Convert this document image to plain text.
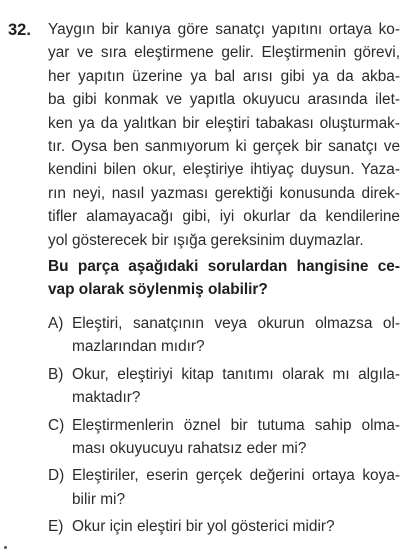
32. Yaygın bir kanıya göre sanatçı yapıtını ortaya ko-
yar ve sıra eleştirmene gelir. Eleştirmenin görevi,
her yapıtın üzerine ya bal arısı gibi ya da akba-
ba gibi konmak ve yapıtla okuyucu arasında ilet-
ken ya da yalıtkan bir eleştiri tabakası oluşturmak-
tır. Oysa ben sanmıyorum ki gerçek bir sanatçı ve
kendini bilen okur, eleştiriye ihtiyaç duysun. Yaza-
rın neyi, nasıl yazması gerektiği konusunda direk-
tifler alamayacağı gibi, iyi okurlar da kendilerine
yol gösterecek bir ışığa gereksinim duymazlar.
Bu parça aşağıdaki sorulardan hangisine ce-
vap olarak söylenmiş olabilir?
A) Eleştiri, sanatçının veya okurun olmazsa ol-
mazlarından mıdır?
B) Okur, eleştiriyi kitap tanıtımı olarak mı algıla-
maktadır?
C) Eleştirmenlerin öznel bir tutuma sahip olma-
ması okuyucuyu rahatsız eder mi?
D) Eleştiriler, eserin gerçek değerini ortaya koya-
bilir mi?
E) Okur için eleştiri bir yol gösterici midir?
